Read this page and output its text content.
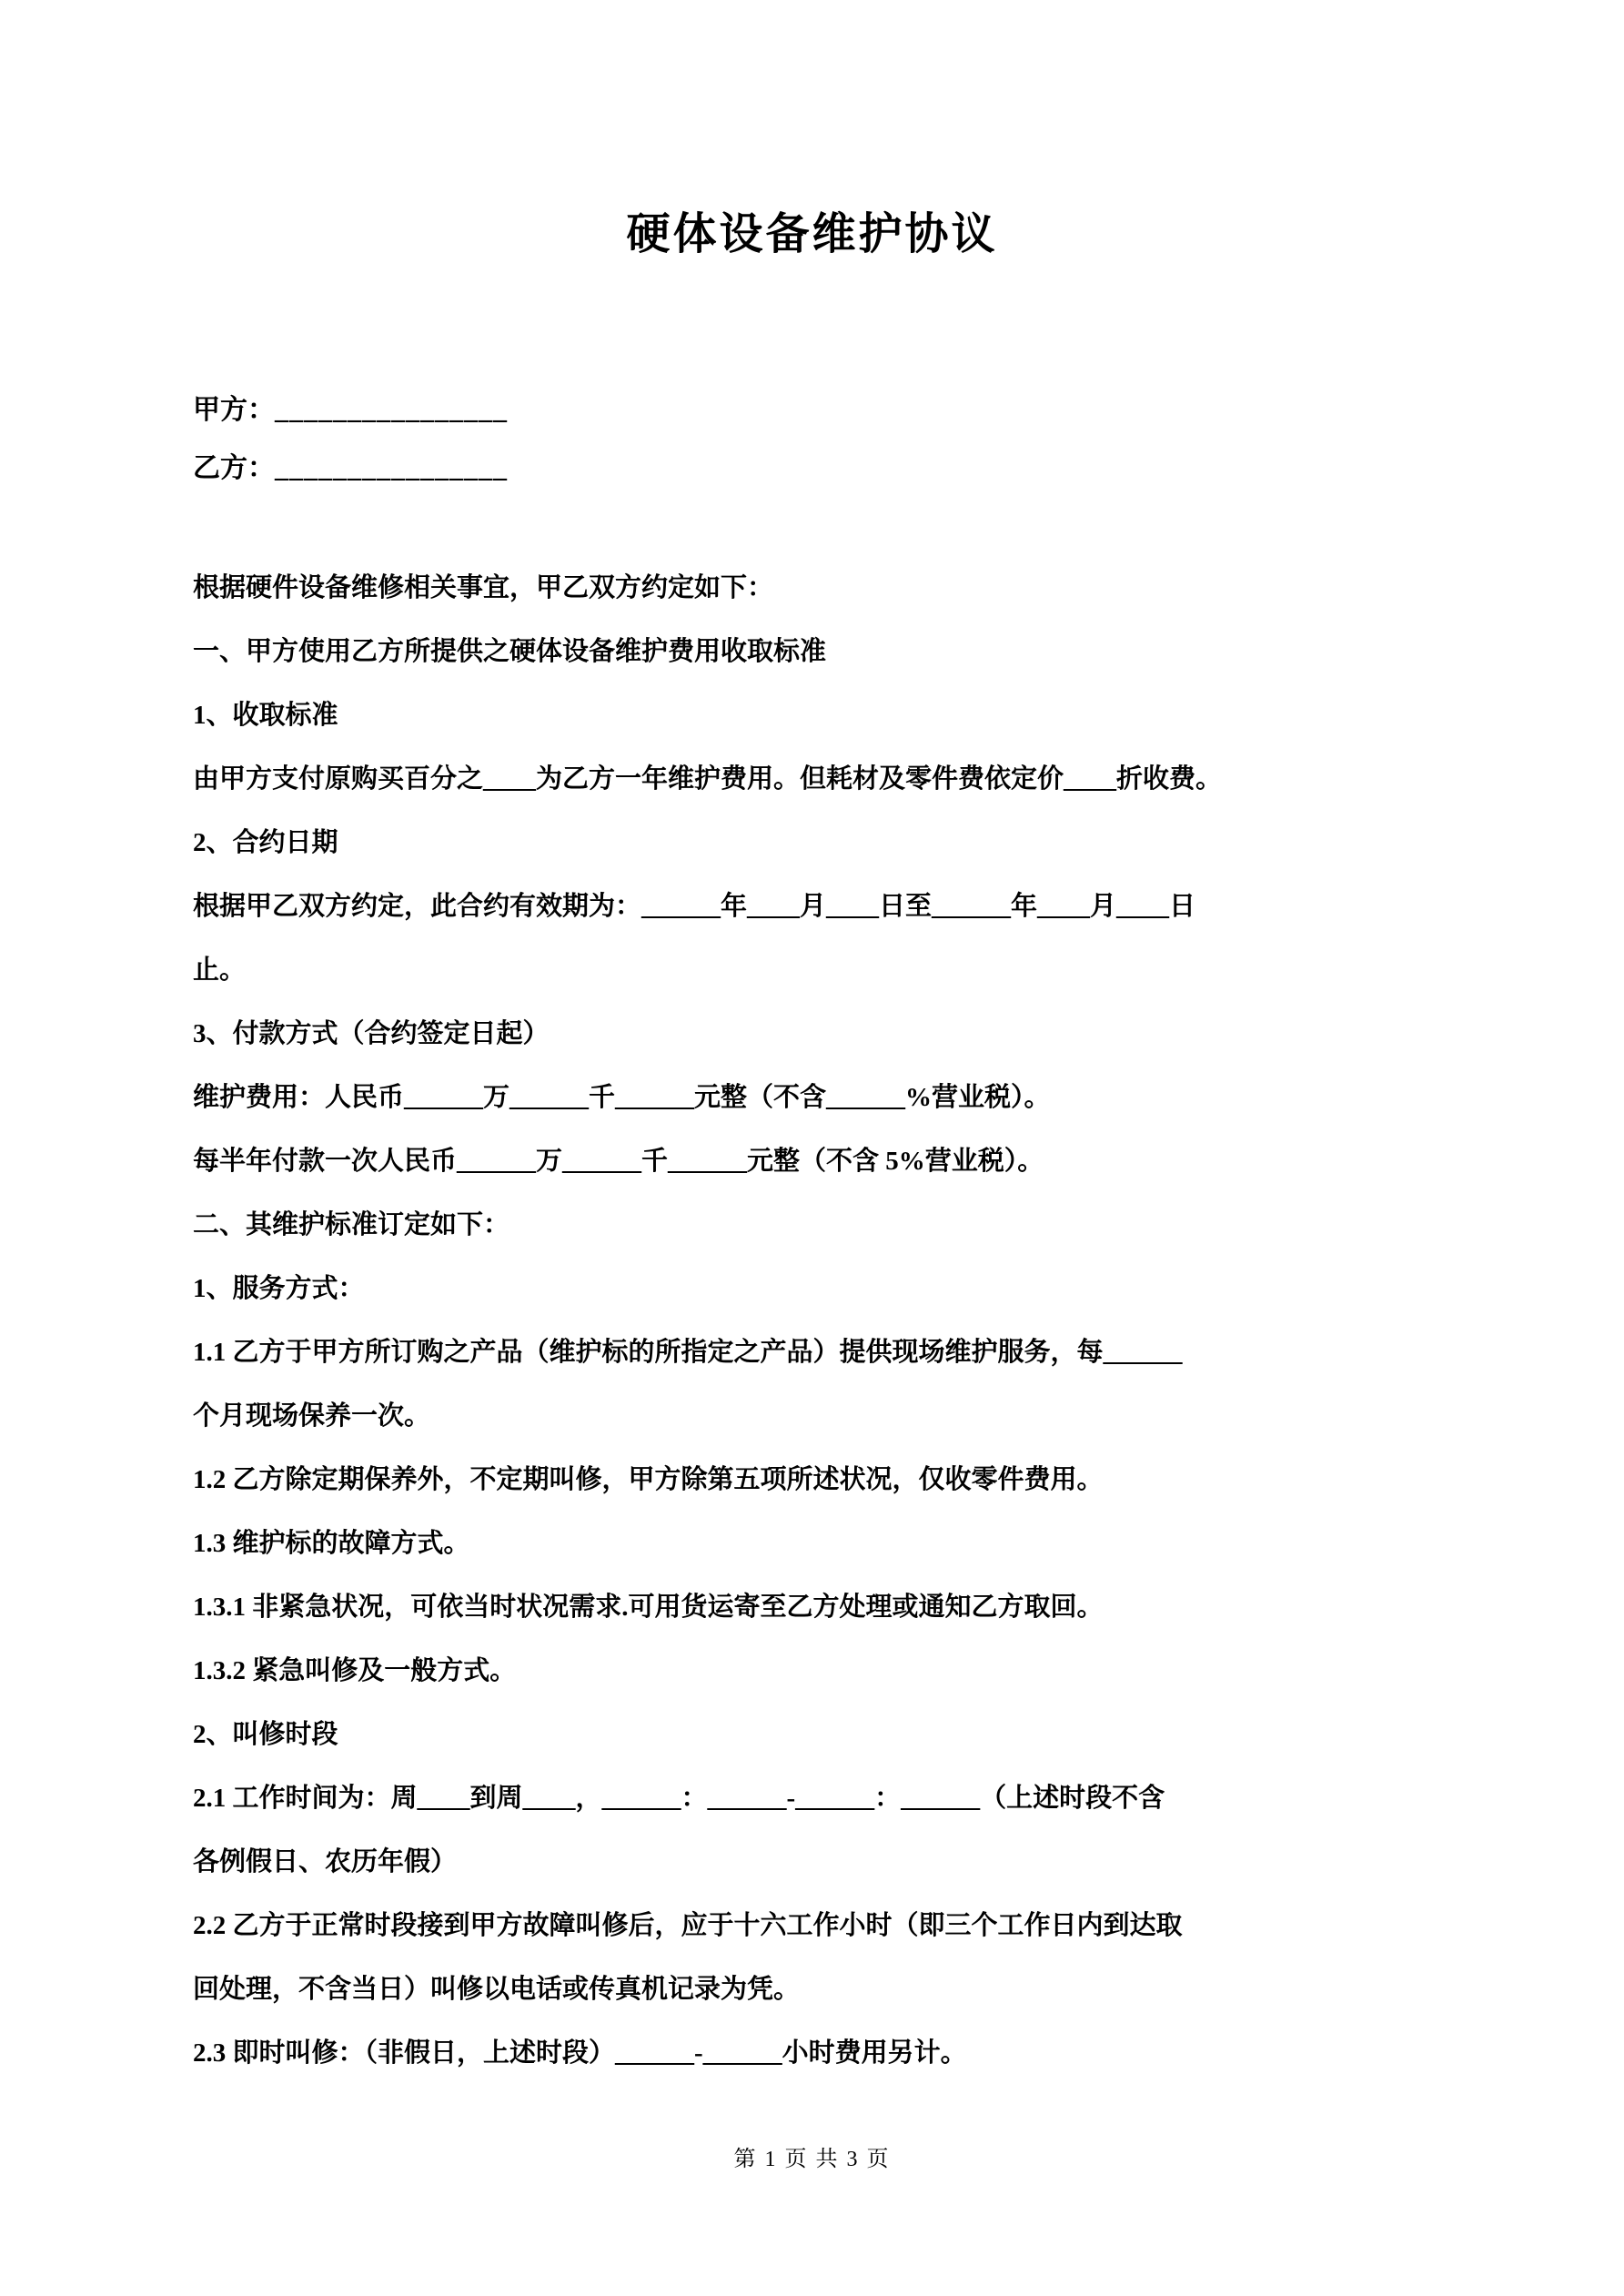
硬体设备维护协议
甲方：________________
乙方：________________
根据硬件设备维修相关事宜，甲乙双方约定如下：
一、甲方使用乙方所提供之硬体设备维护费用收取标准
1、收取标准
由甲方支付原购买百分之____为乙方一年维护费用。但耗材及零件费依定价____折收费。
2、合约日期
根据甲乙双方约定，此合约有效期为：______年____月____日至______年____月____日
止。
3、付款方式（合约签定日起）
维护费用：人民币______万______千______元整（不含______%营业税）。
每半年付款一次人民币______万______千______元整（不含 5%营业税）。
二、其维护标准订定如下：
1、服务方式：
1.1 乙方于甲方所订购之产品（维护标的所指定之产品）提供现场维护服务，每______
个月现场保养一次。
1.2 乙方除定期保养外，不定期叫修，甲方除第五项所述状况，仅收零件费用。
1.3 维护标的故障方式。
1.3.1 非紧急状况，可依当时状况需求.可用货运寄至乙方处理或通知乙方取回。
1.3.2 紧急叫修及一般方式。
2、叫修时段
2.1 工作时间为：周____到周____，______：______-______：______（上述时段不含
各例假日、农历年假）
2.2 乙方于正常时段接到甲方故障叫修后，应于十六工作小时（即三个工作日内到达取
回处理，不含当日）叫修以电话或传真机记录为凭。
2.3 即时叫修：（非假日，上述时段）______-______小时费用另计。
第 1 页 共 3 页
